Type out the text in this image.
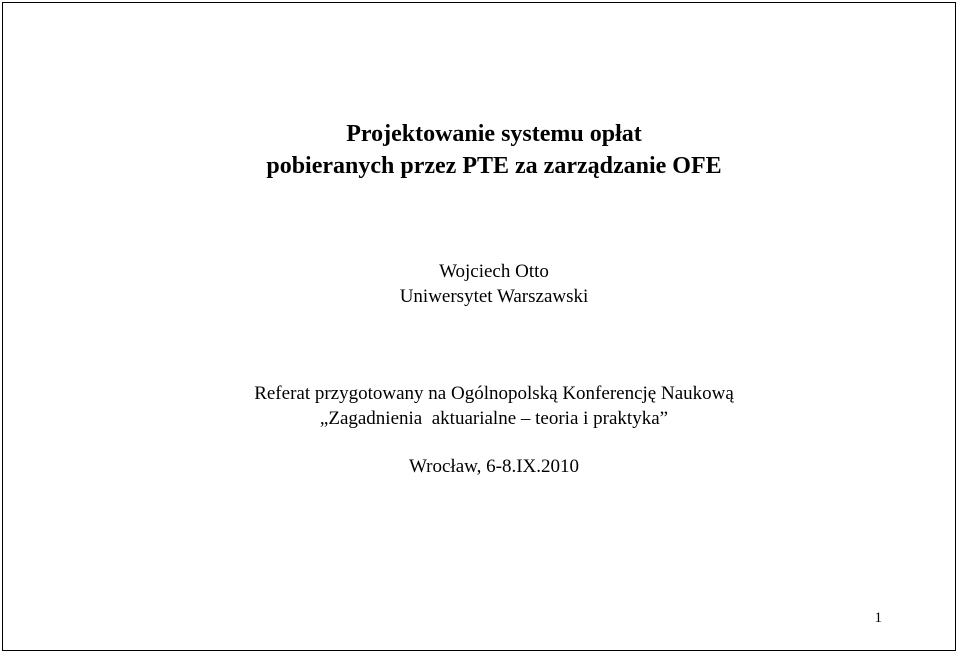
Projektowanie systemu opłat
pobieranych przez PTE za zarządzanie OFE
Wojciech Otto
Uniwersytet Warszawski
Referat przygotowany na Ogólnopolską Konferencję Naukową
„Zagadnienia  aktuarialne – teoria i praktyka”
Wrocław, 6-8.IX.2010
1
